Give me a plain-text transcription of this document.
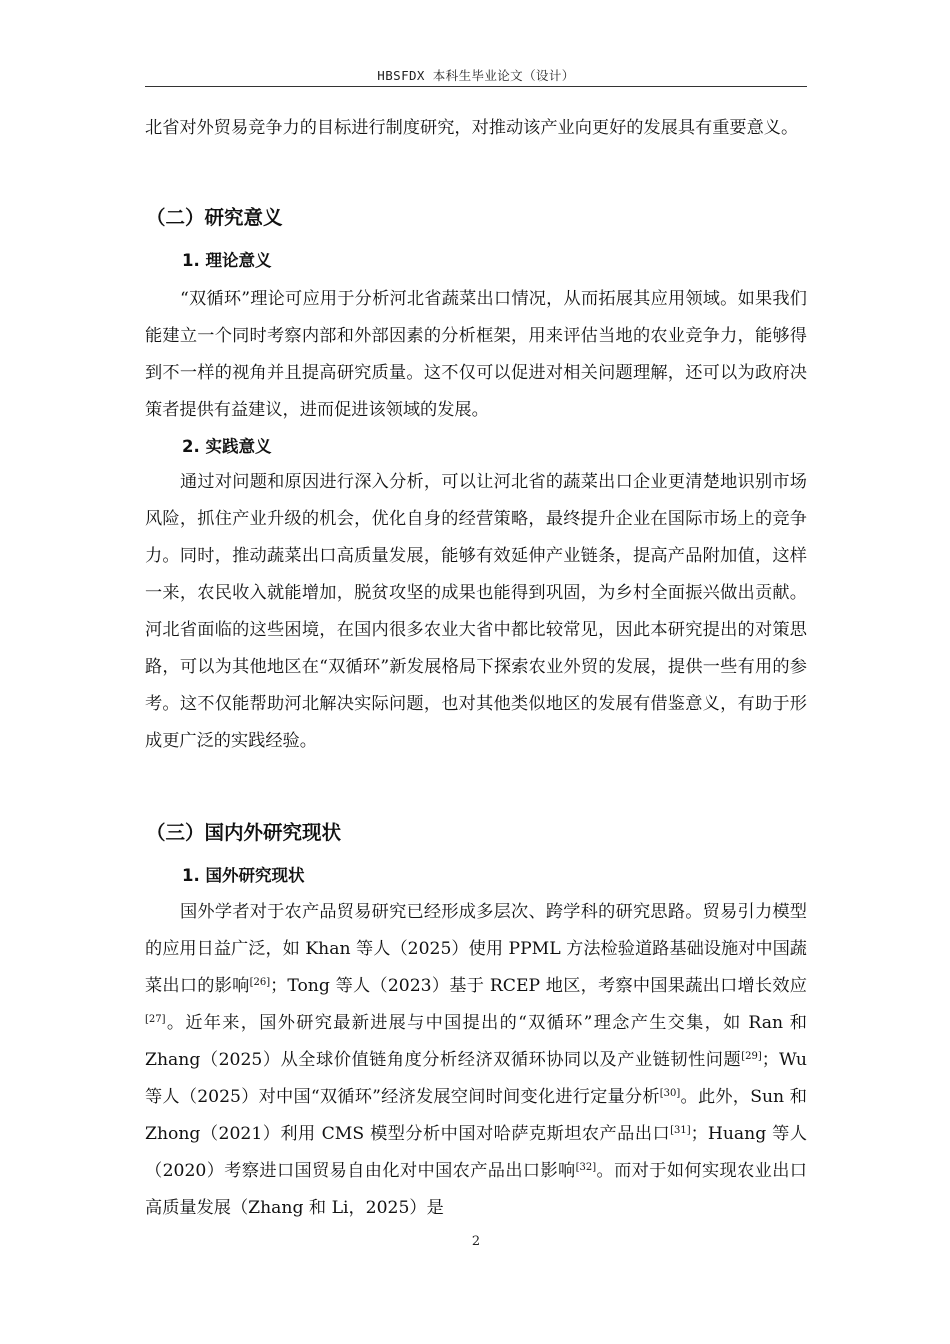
HBSFDX 本科生毕业论文（设计）

北省对外贸易竞争力的目标进行制度研究，对推动该产业向更好的发展具有重要意义。

（二）研究意义
1. 理论意义

“双循环”理论可应用于分析河北省蔬菜出口情况，从而拓展其应用领域。如果我们能建立一个同时考察内部和外部因素的分析框架，用来评估当地的农业竞争力，能够得到不一样的视角并且提高研究质量。这不仅可以促进对相关问题理解，还可以为政府决策者提供有益建议，进而促进该领域的发展。

2. 实践意义

通过对问题和原因进行深入分析，可以让河北省的蔬菜出口企业更清楚地识别市场风险，抓住产业升级的机会，优化自身的经营策略，最终提升企业在国际市场上的竞争力。同时，推动蔬菜出口高质量发展，能够有效延伸产业链条，提高产品附加值，这样一来，农民收入就能增加，脱贫攻坚的成果也能得到巩固，为乡村全面振兴做出贡献。河北省面临的这些困境，在国内很多农业大省中都比较常见，因此本研究提出的对策思路，可以为其他地区在“双循环”新发展格局下探索农业外贸的发展，提供一些有用的参考。这不仅能帮助河北解决实际问题，也对其他类似地区的发展有借鉴意义，有助于形成更广泛的实践经验。

（三）国内外研究现状
1. 国外研究现状

国外学者对于农产品贸易研究已经形成多层次、跨学科的研究思路。贸易引力模型的应用日益广泛，如 Khan 等人（2025）使用 PPML 方法检验道路基础设施对中国蔬菜出口的影响[26]；Tong 等人（2023）基于 RCEP 地区，考察中国果蔬出口增长效应[27]。近年来，国外研究最新进展与中国提出的“双循环”理念产生交集，如 Ran 和 Zhang（2025）从全球价值链角度分析经济双循环协同以及产业链韧性问题[29]；Wu 等人（2025）对中国“双循环”经济发展空间时间变化进行定量分析[30]。此外，Sun 和 Zhong（2021）利用 CMS 模型分析中国对哈萨克斯坦农产品出口[31]；Huang 等人（2020）考察进口国贸易自由化对中国农产品出口影响[32]。而对于如何实现农业出口高质量发展（Zhang 和 Li，2025）是

2
